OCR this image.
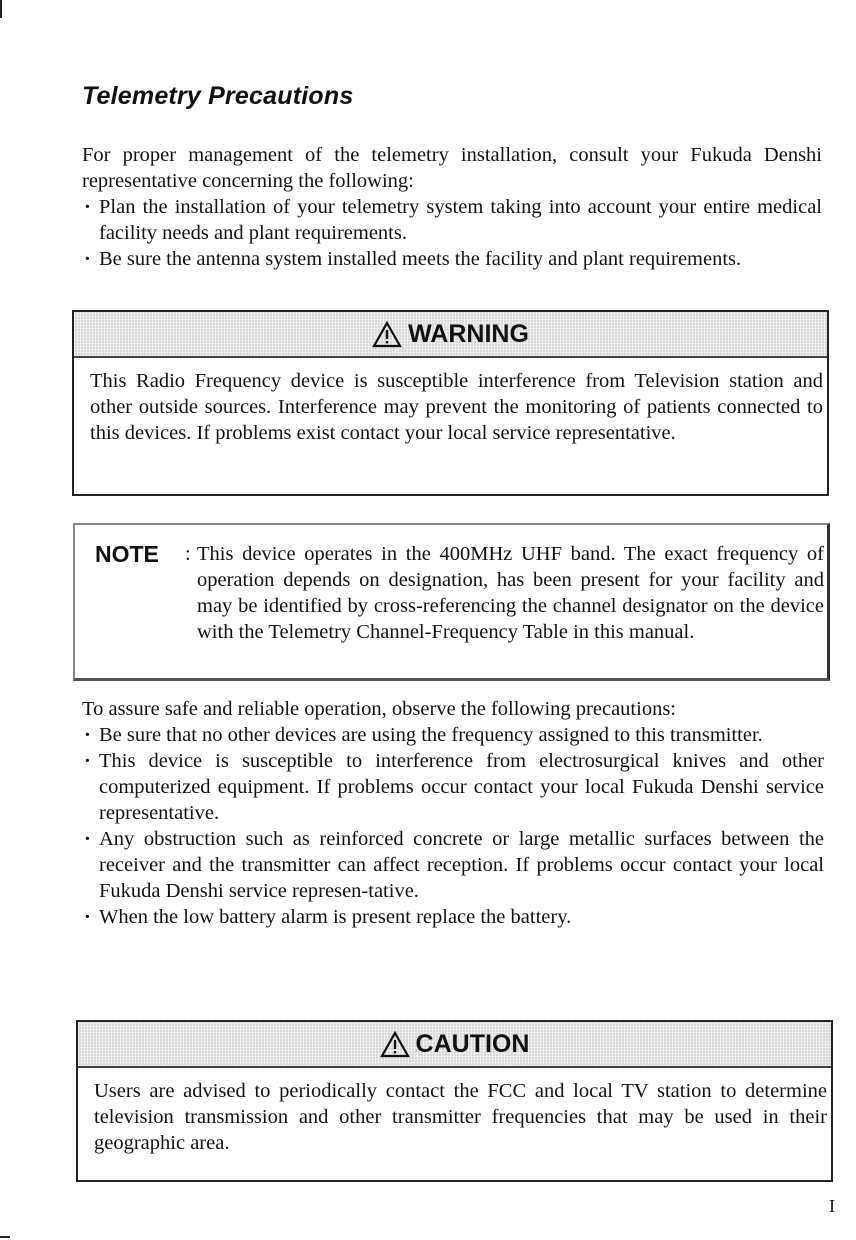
Telemetry Precautions
For proper management of the telemetry installation, consult your Fukuda Denshi representative concerning the following:
· Plan the installation of your telemetry system taking into account your entire medical facility needs and plant requirements.
· Be sure the antenna system installed meets the facility and plant requirements.
WARNING
This Radio Frequency device is susceptible interference from Television station and other outside sources. Interference may prevent the monitoring of patients connected to this devices. If problems exist contact your local service representative.
NOTE : This device operates in the 400MHz UHF band. The exact frequency of operation depends on designation, has been present for your facility and may be identified by cross-referencing the channel designator on the device with the Telemetry Channel-Frequency Table in this manual.
To assure safe and reliable operation, observe the following precautions:
· Be sure that no other devices are using the frequency assigned to this transmitter.
· This device is susceptible to interference from electrosurgical knives and other computerized equipment. If problems occur contact your local Fukuda Denshi service representative.
· Any obstruction such as reinforced concrete or large metallic surfaces between the receiver and the transmitter can affect reception. If problems occur contact your local Fukuda Denshi service represen-tative.
· When the low battery alarm is present replace the battery.
CAUTION
Users are advised to periodically contact the FCC and local TV station to determine television transmission and other transmitter frequencies that may be used in their geographic area.
I
